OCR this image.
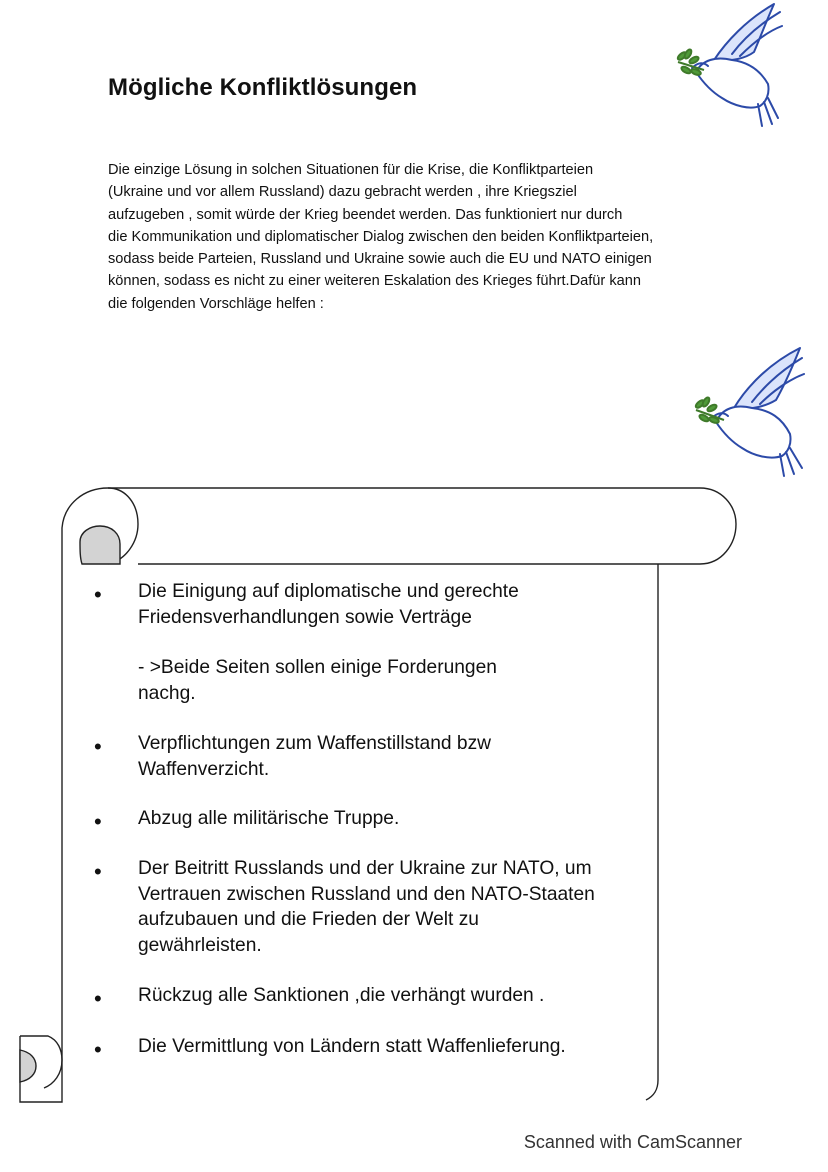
Mögliche Konfliktlösungen
Die einzige Lösung in solchen Situationen für die Krise, die Konfliktparteien
(Ukraine und vor allem Russland) dazu gebracht werden , ihre Kriegsziel
aufzugeben , somit würde der Krieg beendet werden. Das funktioniert nur durch
die Kommunikation und diplomatischer Dialog zwischen den beiden Konfliktparteien,
sodass beide Parteien, Russland und Ukraine sowie auch die EU und NATO einigen
können, sodass es nicht zu einer weiteren Eskalation des Krieges führt.Dafür kann
die folgenden Vorschläge helfen :
• Die Einigung auf diplomatische und gerechte
Friedensverhandlungen sowie Verträge
- >Beide Seiten sollen einige Forderungen
nachg.
• Verpflichtungen zum Waffenstillstand bzw
Waffenverzicht.
• Abzug alle militärische Truppe.
• Der Beitritt Russlands und der Ukraine zur NATO, um
Vertrauen zwischen Russland und den NATO-Staaten
aufzubauen und die Frieden der Welt zu
gewährleisten.
• Rückzug alle Sanktionen ,die verhängt wurden .
• Die Vermittlung von Ländern statt Waffenlieferung.
Scanned with CamScanner
